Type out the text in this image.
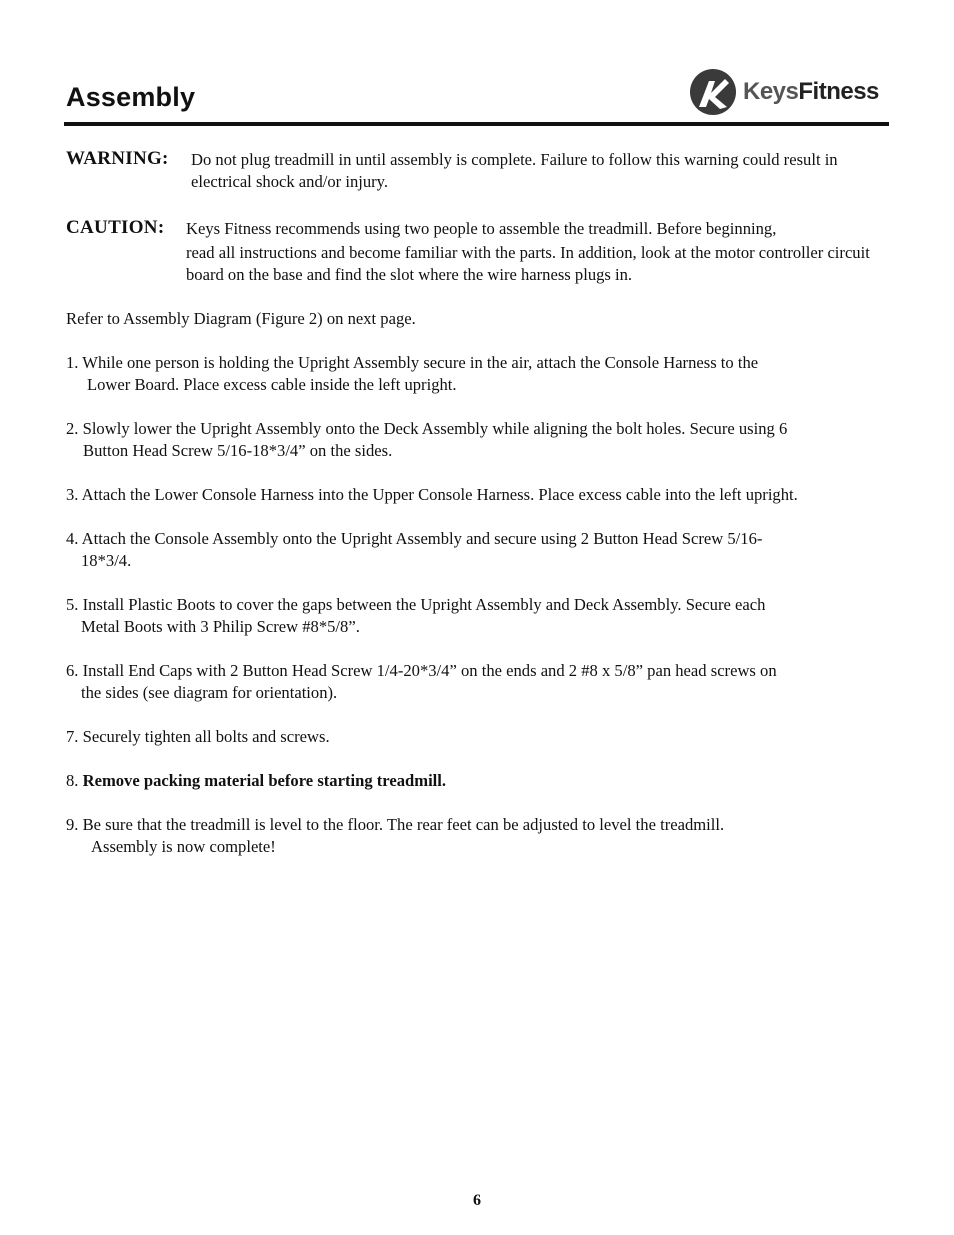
Assembly	KeysFitness
WARNING: Do not plug treadmill in until assembly is complete. Failure to follow this warning could result in electrical shock and/or injury.
CAUTION: Keys Fitness recommends using two people to assemble the treadmill. Before beginning,
read all instructions and become familiar with the parts. In addition, look at the motor controller circuit board on the base and find the slot where the wire harness plugs in.
Refer to Assembly Diagram (Figure 2) on next page.
1. While one person is holding the Upright Assembly secure in the air, attach the Console Harness to the
Lower Board. Place excess cable inside the left upright.
2. Slowly lower the Upright Assembly onto the Deck Assembly while aligning the bolt holes. Secure using 6
Button Head Screw 5/16-18*3/4” on the sides.
3. Attach the Lower Console Harness into the Upper Console Harness. Place excess cable into the left upright.
4. Attach the Console Assembly onto the Upright Assembly and secure using 2 Button Head Screw 5/16-
18*3/4.
5. Install Plastic Boots to cover the gaps between the Upright Assembly and Deck Assembly. Secure each
Metal Boots with 3 Philip Screw #8*5/8”.
6. Install End Caps with 2 Button Head Screw 1/4-20*3/4” on the ends and 2 #8 x 5/8” pan head screws on
the sides (see diagram for orientation).
7. Securely tighten all bolts and screws.
8. Remove packing material before starting treadmill.
9. Be sure that the treadmill is level to the floor. The rear feet can be adjusted to level the treadmill.
Assembly is now complete!
6
